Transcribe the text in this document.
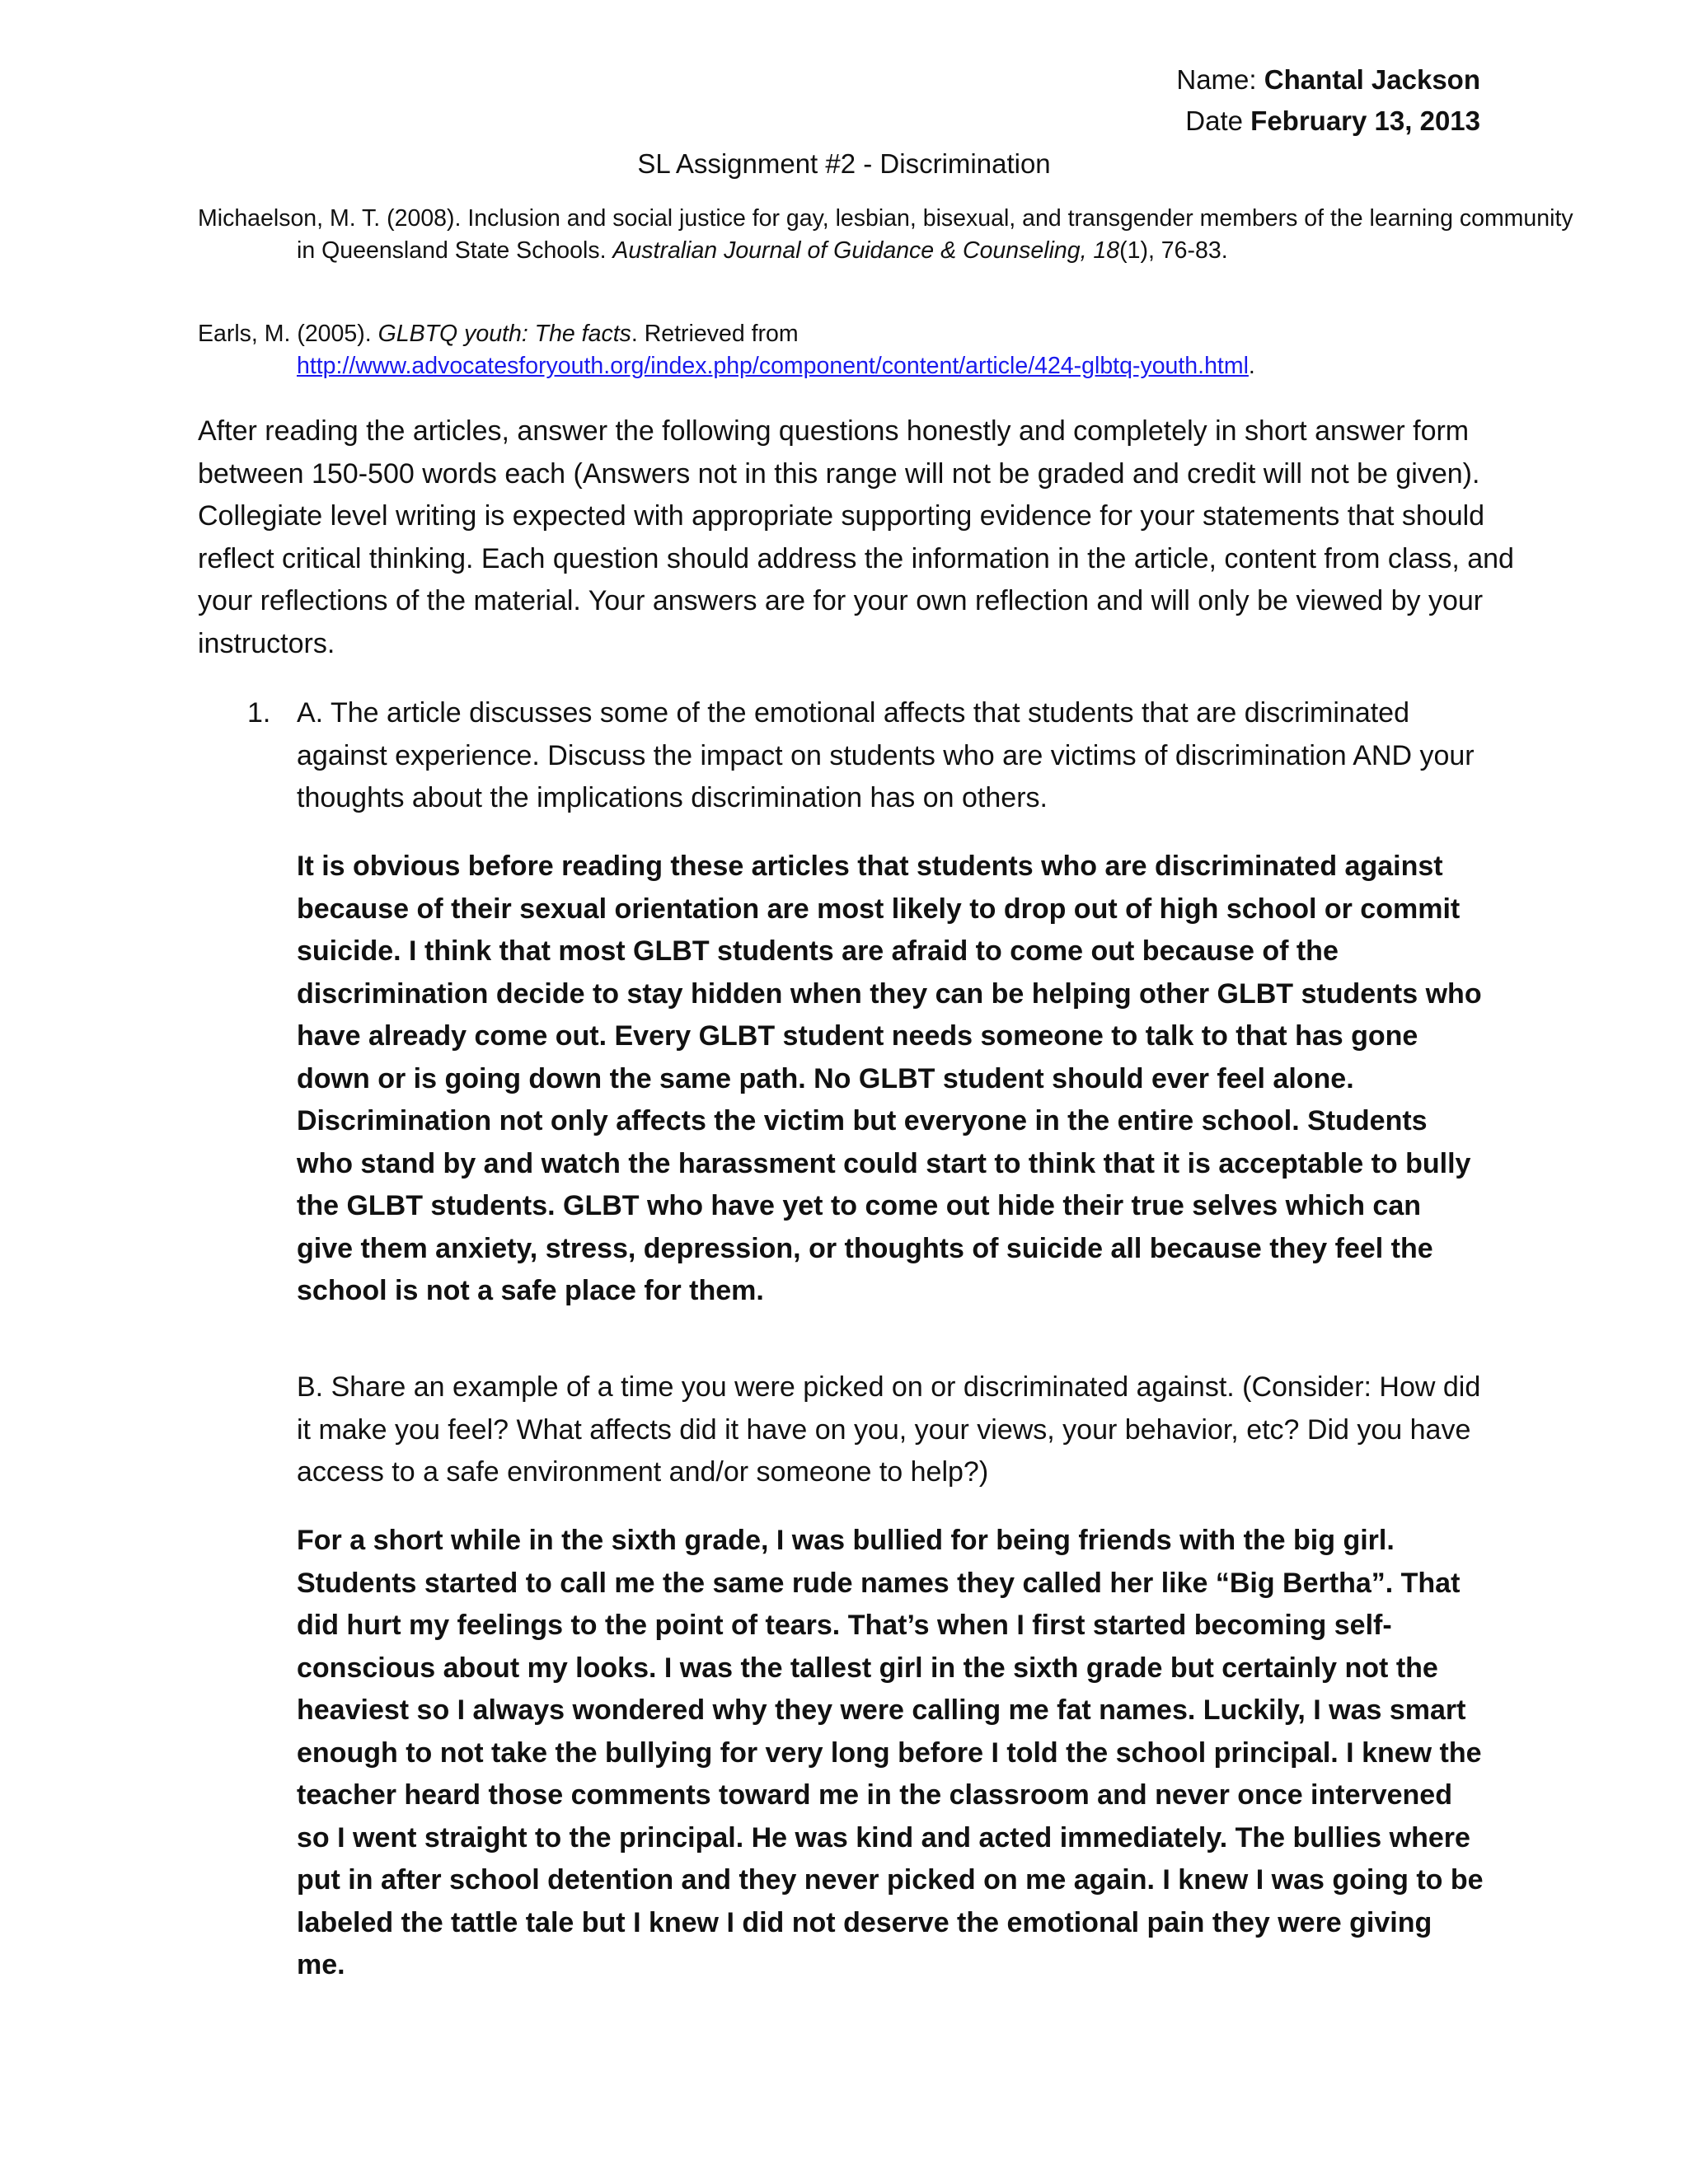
Name: Chantal Jackson
Date February 13, 2013
SL Assignment #2 - Discrimination
Michaelson, M. T. (2008). Inclusion and social justice for gay, lesbian, bisexual, and transgender members of the learning community in Queensland State Schools. Australian Journal of Guidance & Counseling, 18(1), 76-83.
Earls, M. (2005). GLBTQ youth: The facts. Retrieved from
http://www.advocatesforyouth.org/index.php/component/content/article/424-glbtq-youth.html.
After reading the articles, answer the following questions honestly and completely in short answer form between 150-500 words each (Answers not in this range will not be graded and credit will not be given). Collegiate level writing is expected with appropriate supporting evidence for your statements that should reflect critical thinking. Each question should address the information in the article, content from class, and your reflections of the material. Your answers are for your own reflection and will only be viewed by your instructors.
1. A. The article discusses some of the emotional affects that students that are discriminated against experience. Discuss the impact on students who are victims of discrimination AND your thoughts about the implications discrimination has on others.
It is obvious before reading these articles that students who are discriminated against because of their sexual orientation are most likely to drop out of high school or commit suicide. I think that most GLBT students are afraid to come out because of the discrimination decide to stay hidden when they can be helping other GLBT students who have already come out. Every GLBT student needs someone to talk to that has gone down or is going down the same path. No GLBT student should ever feel alone. Discrimination not only affects the victim but everyone in the entire school. Students who stand by and watch the harassment could start to think that it is acceptable to bully the GLBT students. GLBT who have yet to come out hide their true selves which can give them anxiety, stress, depression, or thoughts of suicide all because they feel the school is not a safe place for them.
B. Share an example of a time you were picked on or discriminated against. (Consider: How did it make you feel? What affects did it have on you, your views, your behavior, etc? Did you have access to a safe environment and/or someone to help?)
For a short while in the sixth grade, I was bullied for being friends with the big girl. Students started to call me the same rude names they called her like “Big Bertha”. That did hurt my feelings to the point of tears. That’s when I first started becoming self-conscious about my looks. I was the tallest girl in the sixth grade but certainly not the heaviest so I always wondered why they were calling me fat names. Luckily, I was smart enough to not take the bullying for very long before I told the school principal. I knew the teacher heard those comments toward me in the classroom and never once intervened so I went straight to the principal. He was kind and acted immediately. The bullies where put in after school detention and they never picked on me again. I knew I was going to be labeled the tattle tale but I knew I did not deserve the emotional pain they were giving me.
